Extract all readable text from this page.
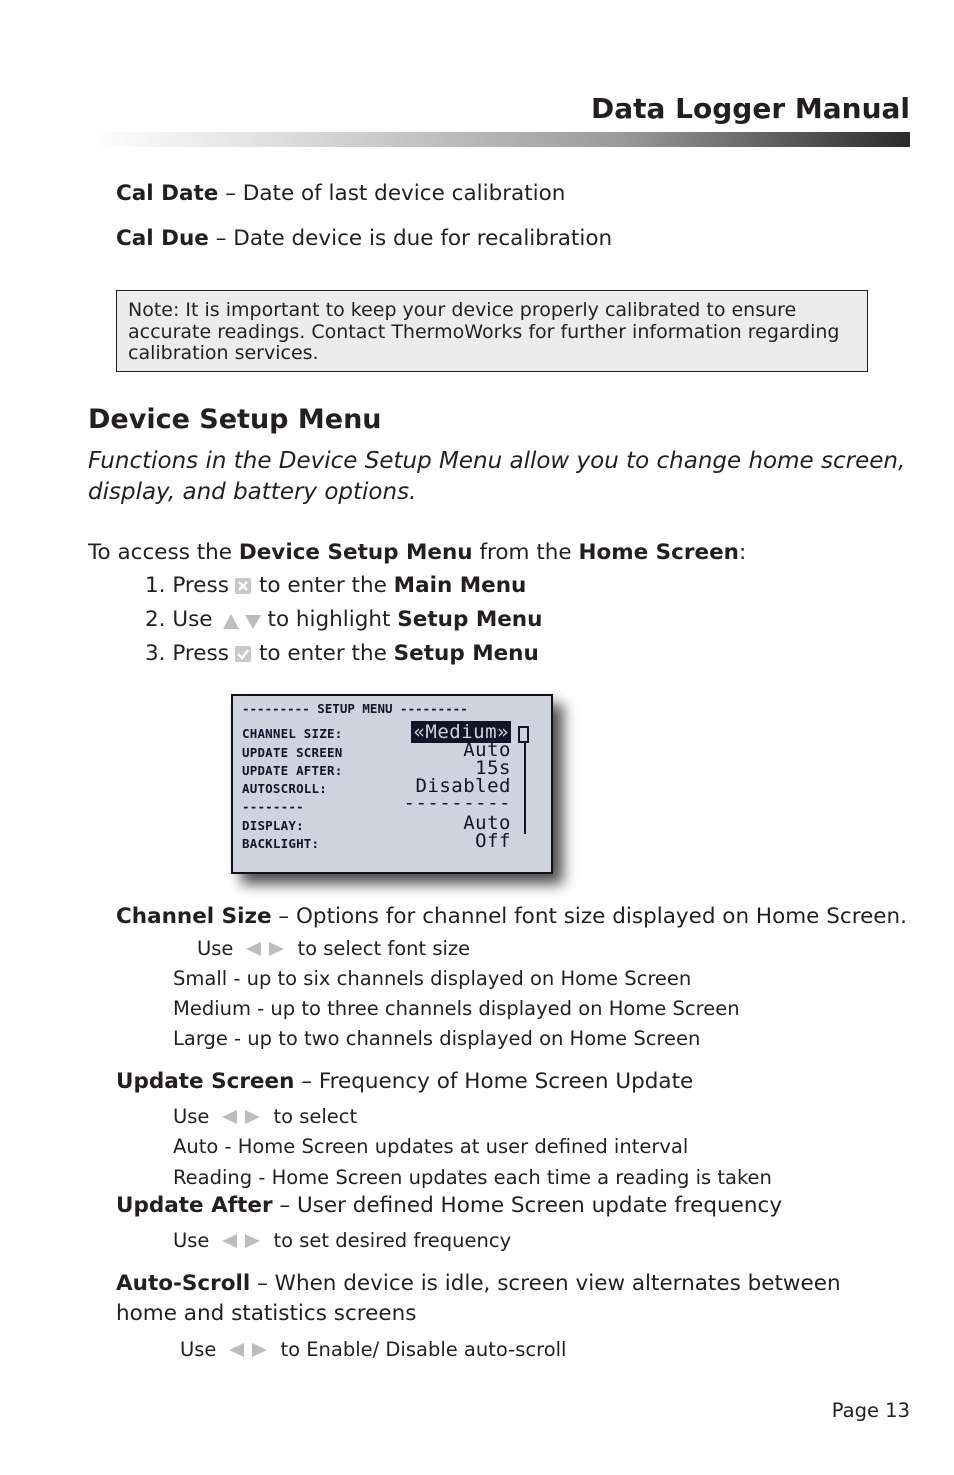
Data Logger Manual
Cal Date – Date of last device calibration
Cal Due – Date device is due for recalibration
Note: It is important to keep your device properly calibrated to ensure
accurate readings. Contact ThermoWorks for further information regarding
calibration services.
Device Setup Menu
Functions in the Device Setup Menu allow you to change home screen,
display, and battery options.
To access the Device Setup Menu from the Home Screen:
1. Press to enter the Main Menu
2. Use	to highlight Setup Menu
3. Press to enter the Setup Menu
--------- SETUP MENU ---------
CHANNEL SIZE:	«Medium»
UPDATE SCREEN	Auto
UPDATE AFTER:	15s
AUTOSCROLL:	Disabled
--------	---------
DISPLAY:	Auto
BACKLIGHT:	Off
Channel Size – Options for channel font size displayed on Home Screen.
Use	to select font size
Small - up to six channels displayed on Home Screen
Medium - up to three channels displayed on Home Screen
Large - up to two channels displayed on Home Screen
Update Screen – Frequency of Home Screen Update
Use	to select
Auto - Home Screen updates at user defined interval
Reading - Home Screen updates each time a reading is taken
Update After – User defined Home Screen update frequency
Use	to set desired frequency
Auto-Scroll – When device is idle, screen view alternates between
home and statistics screens
Use	to Enable/ Disable auto-scroll
Page 13
